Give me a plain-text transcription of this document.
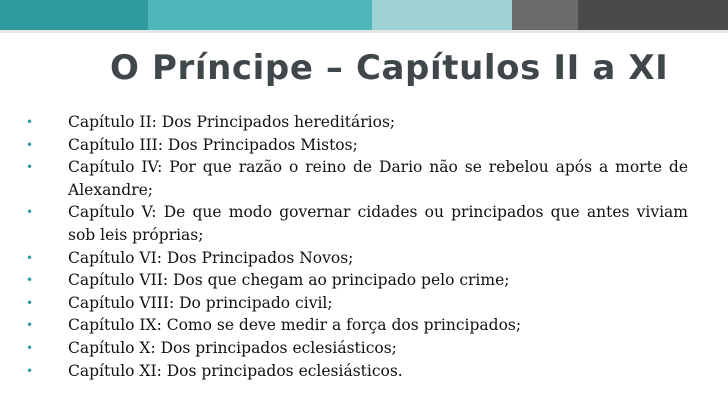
O Príncipe – Capítulos II a XI
• Capítulo II: Dos Principados hereditários;
• Capítulo III: Dos Principados Mistos;
• Capítulo IV: Por que razão o reino de Dario não se rebelou após a morte de Alexandre;
• Capítulo V: De que modo governar cidades ou principados que antes viviam sob leis próprias;
• Capítulo VI: Dos Principados Novos;
• Capítulo VII: Dos que chegam ao principado pelo crime;
• Capítulo VIII: Do principado civil;
• Capítulo IX: Como se deve medir a força dos principados;
• Capítulo X: Dos principados eclesiásticos;
• Capítulo XI: Dos principados eclesiásticos.
